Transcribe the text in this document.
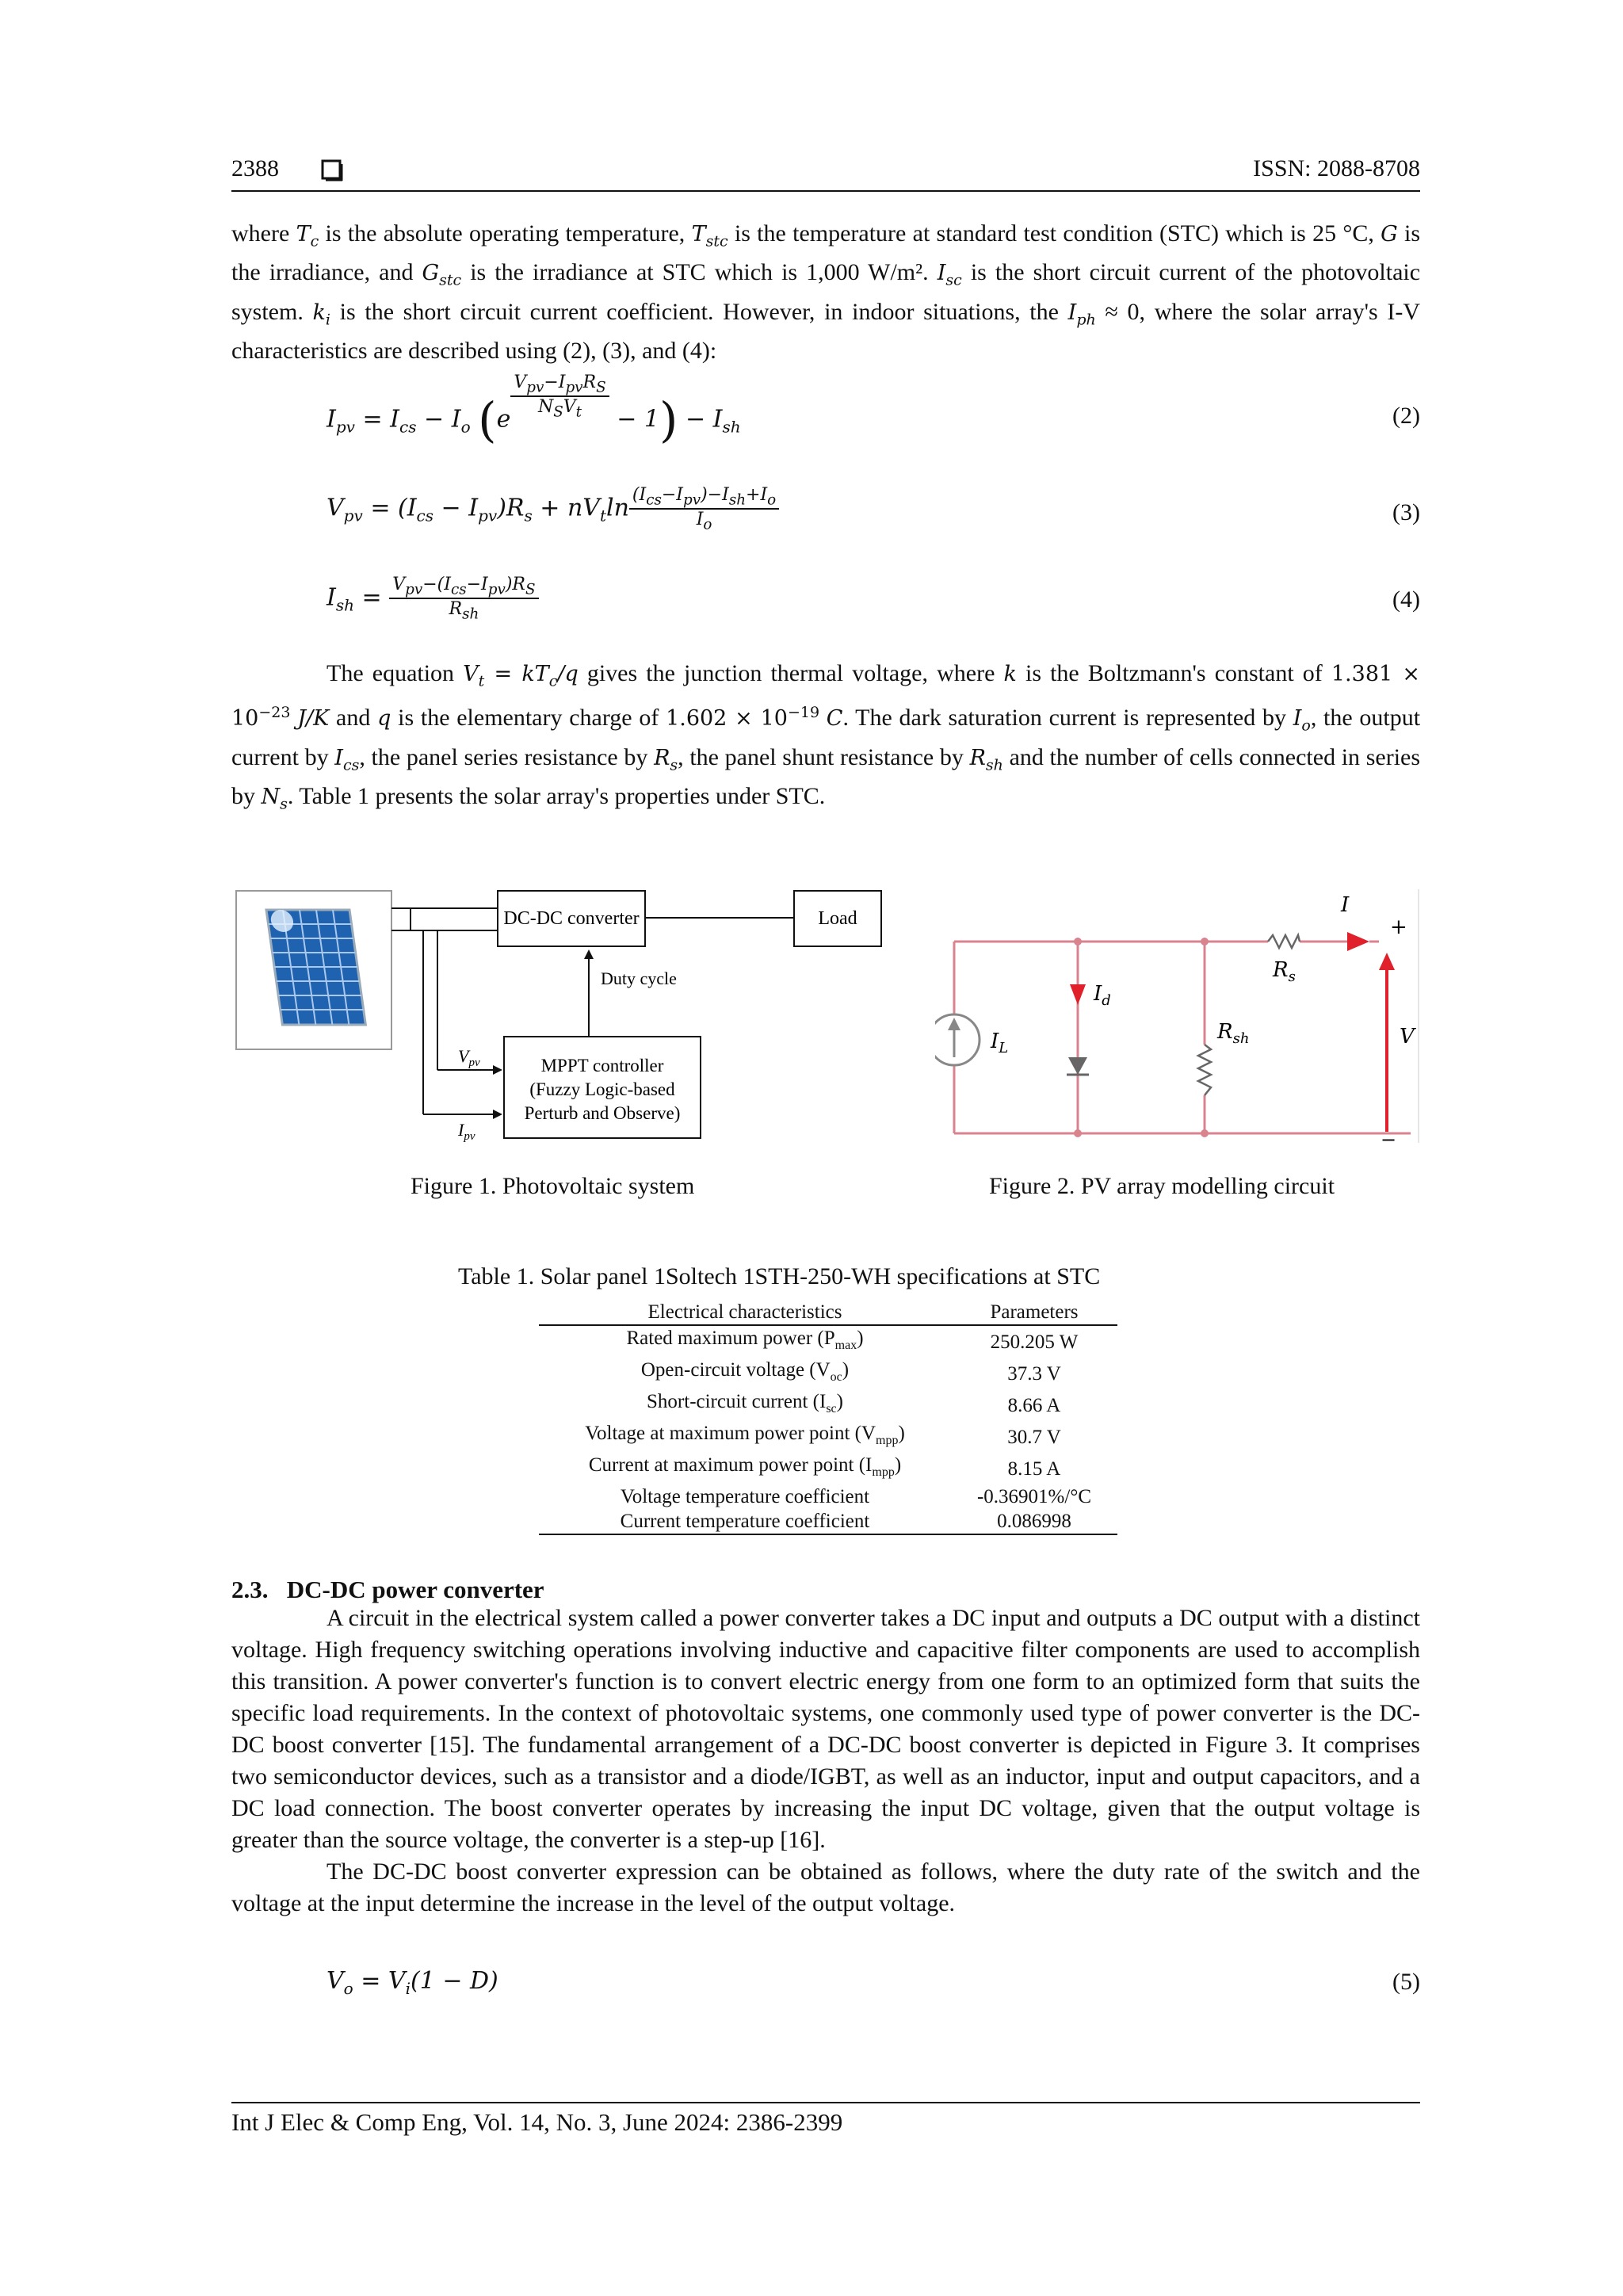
2388	ISSN: 2088-8708

where $T_c$ is the absolute operating temperature, $T_{stc}$ is the temperature at standard test condition (STC) which is 25 °C, G is the irradiance, and $G_{stc}$ is the irradiance at STC which is 1,000 W/m². $I_{sc}$ is the short circuit current of the photovoltaic system. $k_i$ is the short circuit current coefficient. However, in indoor situations, the $I_{ph} \approx 0$, where the solar array's I-V characteristics are described using (2), (3), and (4):

$I_{pv} = I_{cs} - I_o$ $(e \frac{V_{pv}-I_{pv}R_S}{N_SV_t} - 1) - I_{sh}$	(2)
$V_{pv} = (I_{cs} - I_{pv})R_s + nV_t\ln \frac{(I_{cs}-I_{pv})-I_{sh}+I_o}{I_o}$	(3)
$I_{sh} = \frac{V_{pv}-(I_{cs}-I_{pv})R_S}{R_{sh}}$	(4)

The equation $V_t = kT_c/q$ gives the junction thermal voltage, where k is the Boltzmann's constant of $1.381 \times 10^{-23}$ J/K and q is the elementary charge of $1.602 \times 10^{-19}$ C. The dark saturation current is represented by $I_o$, the output current by $I_{cs}$, the panel series resistance by $R_s$, the panel shunt resistance by $R_{sh}$ and the number of cells connected in series by $N_s$. Table 1 presents the solar array's properties under STC.

DC-DC converter	Load
Duty cycle
MPPT controller
(Fuzzy Logic-based
Perturb and Observe)
$V_{pv}$
$I_{pv}$
Figure 1. Photovoltaic system
I
+
−
$R_s$
$I_d$
$I_L$
$R_{sh}$	V
Figure 2. PV array modelling circuit
Table 1. Solar panel 1Soltech 1STH-250-WH specifications at STC
Electrical characteristics	Parameters
Rated maximum power $(P_{max})$	250.205 W
Open-circuit voltage $(V_{oc})$	37.3 V
Short-circuit current $(I_{sc})$	8.66 A
Voltage at maximum power point $(V_{mpp})$	30.7 V
Current at maximum power point $(I_{mpp})$	8.15 A
Voltage temperature coefficient	-0.36901%/°C
Current temperature coefficient	0.086998
2.3.   DC-DC power converter

A circuit in the electrical system called a power converter takes a DC input and outputs a DC output with a distinct voltage. High frequency switching operations involving inductive and capacitive filter components are used to accomplish this transition. A power converter's function is to convert electric energy from one form to an optimized form that suits the specific load requirements. In the context of photovoltaic systems, one commonly used type of power converter is the DC-DC boost converter [15]. The fundamental arrangement of a DC-DC boost converter is depicted in Figure 3. It comprises two semiconductor devices, such as a transistor and a diode/IGBT, as well as an inductor, input and output capacitors, and a DC load connection. The boost converter operates by increasing the input DC voltage, given that the output voltage is greater than the source voltage, the converter is a step-up [16].

The DC-DC boost converter expression can be obtained as follows, where the duty rate of the switch and the voltage at the input determine the increase in the level of the output voltage.

$V_o = V_i(1 - D)$	(5)
Int J Elec & Comp Eng, Vol. 14, No. 3, June 2024: 2386-2399
